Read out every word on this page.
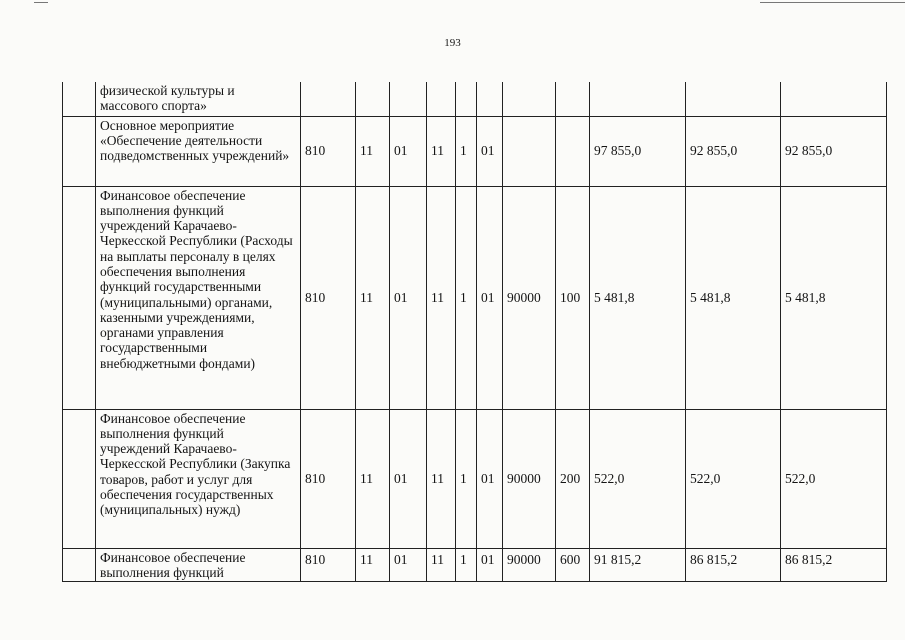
193
	физической культуры и массового спорта»											
	Основное мероприятие «Обеспечение деятельности подведомственных учреждений»	810	11	01	11	1	01			97 855,0	92 855,0	92 855,0
	Финансовое обеспечение выполнения функций учреждений Карачаево-Черкесской Республики (Расходы на выплаты персоналу в целях обеспечения выполнения функций государственными (муниципальными) органами, казенными учреждениями, органами управления государственными внебюджетными фондами)	810	11	01	11	1	01	90000	100	5 481,8	5 481,8	5 481,8
	Финансовое обеспечение выполнения функций учреждений Карачаево-Черкесской Республики (Закупка товаров, работ и услуг для обеспечения государственных (муниципальных) нужд)	810	11	01	11	1	01	90000	200	522,0	522,0	522,0
	Финансовое обеспечение выполнения функций	810	11	01	11	1	01	90000	600	91 815,2	86 815,2	86 815,2
